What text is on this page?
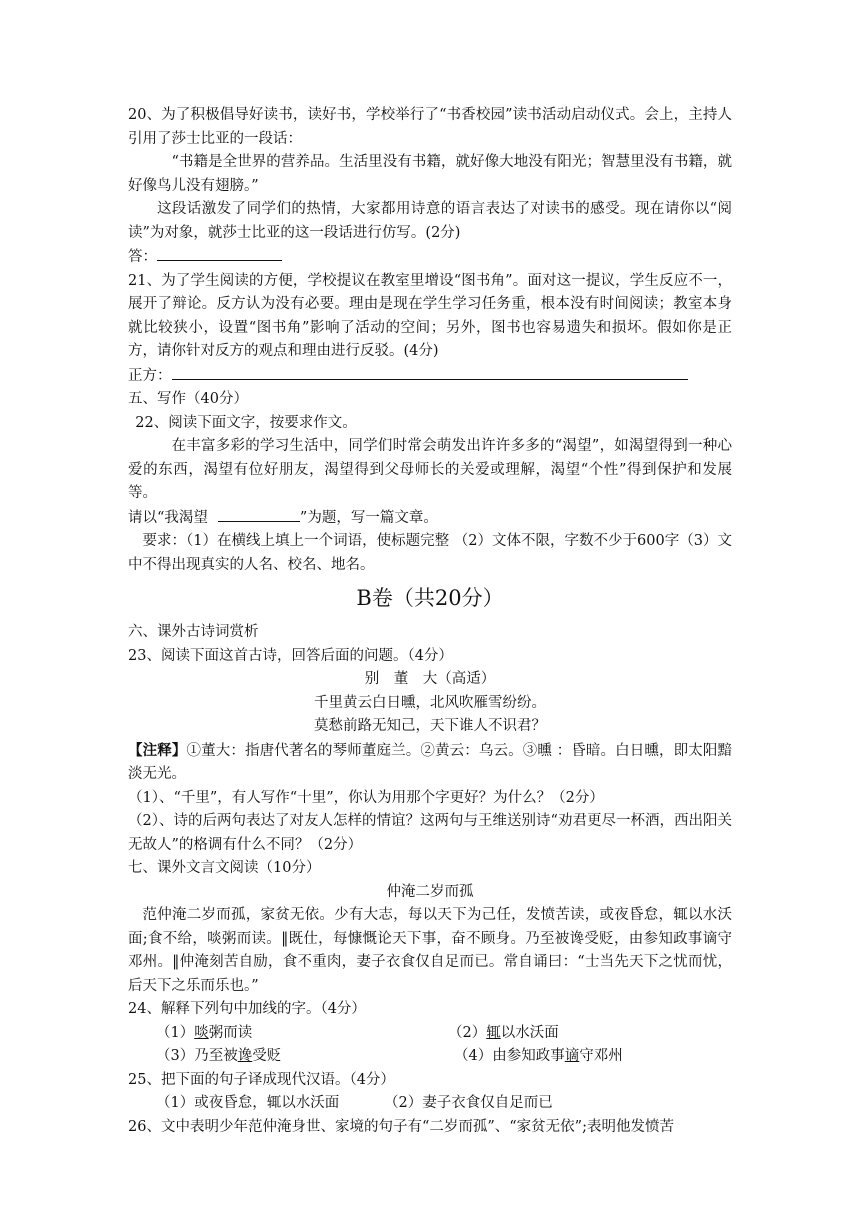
20、为了积极倡导好读书，读好书，学校举行了“书香校园”读书活动启动仪式。会上，主持人引用了莎士比亚的一段话：

“书籍是全世界的营养品。生活里没有书籍，就好像大地没有阳光；智慧里没有书籍，就好像鸟儿没有翅膀。”

这段话激发了同学们的热情，大家都用诗意的语言表达了对读书的感受。现在请你以“阅读”为对象，就莎士比亚的这一段话进行仿写。(2分)

答：

21、为了学生阅读的方便，学校提议在教室里增设“图书角”。面对这一提议，学生反应不一，展开了辩论。反方认为没有必要。理由是现在学生学习任务重，根本没有时间阅读；教室本身就比较狭小，设置“图书角”影响了活动的空间；另外，图书也容易遗失和损坏。假如你是正方，请你针对反方的观点和理由进行反驳。(4分)

正方：

五、写作（40分）

22、阅读下面文字，按要求作文。

在丰富多彩的学习生活中，同学们时常会萌发出许许多多的“渴望”，如渴望得到一种心爱的东西，渴望有位好朋友，渴望得到父母师长的关爱或理解，渴望“个性”得到保护和发展等。

请以“我渴望	”为题，写一篇文章。

要求：（1）在横线上填上一个词语，使标题完整 （2）文体不限，字数不少于600字（3）文中不得出现真实的人名、校名、地名。

B卷（共20分）

六、课外古诗词赏析

23、阅读下面这首古诗，回答后面的问题。（4分）

别　董　大（高适）

千里黄云白日曛，北风吹雁雪纷纷。

莫愁前路无知己，天下谁人不识君？

【注释】①董大：指唐代著名的琴师董庭兰。②黄云：乌云。③曛 ：昏暗。白日曛，即太阳黯淡无光。

（1）、“千里”，有人写作“十里”，你认为用那个字更好？为什么？（2分）

（2）、诗的后两句表达了对友人怎样的情谊？这两句与王维送别诗“劝君更尽一杯酒，西出阳关无故人”的格调有什么不同？（2分）

七、课外文言文阅读（10分）

仲淹二岁而孤

范仲淹二岁而孤，家贫无依。少有大志，每以天下为己任，发愤苦读，或夜昏怠，辄以水沃面;食不给，啖粥而读。‖既仕，每慷慨论天下事，奋不顾身。乃至被谗受贬，由参知政事谪守邓州。‖仲淹刻苦自励，食不重肉，妻子衣食仅自足而已。常自诵曰：“士当先天下之忧而忧，后天下之乐而乐也。”

24、解释下列句中加线的字。（4分）

（1）啖粥而读	（2）辄以水沃面
（3）乃至被谗受贬	（4）由参知政事谪守邓州

25、把下面的句子译成现代汉语。（4分）

（1）或夜昏怠，辄以水沃面	（2）妻子衣食仅自足而已

26、文中表明少年范仲淹身世、家境的句子有“二岁而孤”、“家贫无依”;表明他发愤苦
